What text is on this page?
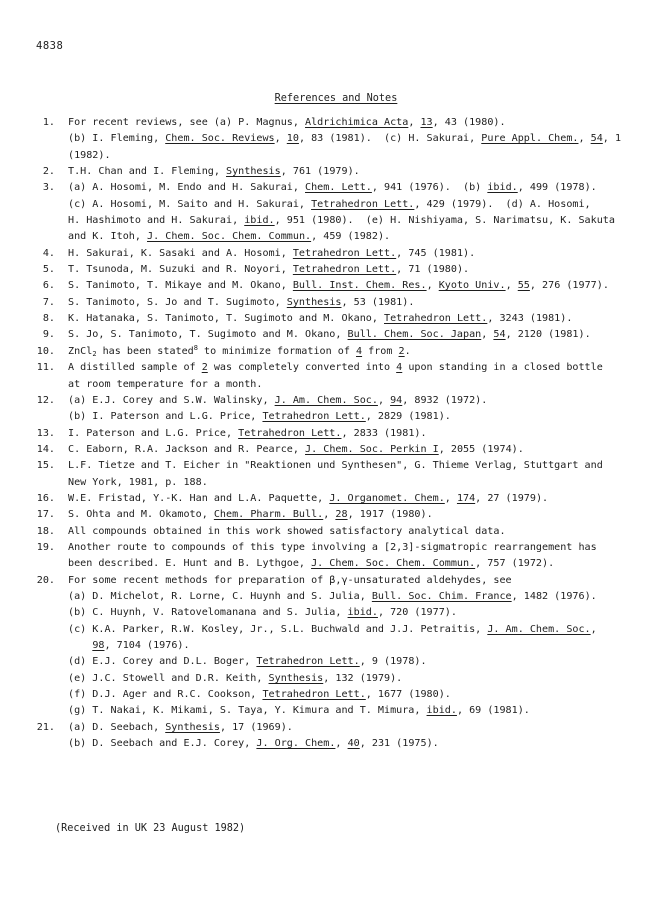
4838
References and Notes
1.	For recent reviews, see (a) P. Magnus, Aldrichimica Acta, 13, 43 (1980).
(b) I. Fleming, Chem. Soc. Reviews, 10, 83 (1981).  (c) H. Sakurai, Pure Appl. Chem., 54, 1
(1982).
2.	T.H. Chan and I. Fleming, Synthesis, 761 (1979).
3.	(a) A. Hosomi, M. Endo and H. Sakurai, Chem. Lett., 941 (1976).  (b) ibid., 499 (1978).
(c) A. Hosomi, M. Saito and H. Sakurai, Tetrahedron Lett., 429 (1979).  (d) A. Hosomi,
H. Hashimoto and H. Sakurai, ibid., 951 (1980).  (e) H. Nishiyama, S. Narimatsu, K. Sakuta
and K. Itoh, J. Chem. Soc. Chem. Commun., 459 (1982).
4.	H. Sakurai, K. Sasaki and A. Hosomi, Tetrahedron Lett., 745 (1981).
5.	T. Tsunoda, M. Suzuki and R. Noyori, Tetrahedron Lett., 71 (1980).
6.	S. Tanimoto, T. Mikaye and M. Okano, Bull. Inst. Chem. Res., Kyoto Univ., 55, 276 (1977).
7.	S. Tanimoto, S. Jo and T. Sugimoto, Synthesis, 53 (1981).
8.	K. Hatanaka, S. Tanimoto, T. Sugimoto and M. Okano, Tetrahedron Lett., 3243 (1981).
9.	S. Jo, S. Tanimoto, T. Sugimoto and M. Okano, Bull. Chem. Soc. Japan, 54, 2120 (1981).
10.	ZnCl$_2$ has been stated$^8$ to minimize formation of 4 from 2.
11.	A distilled sample of 2 was completely converted into 4 upon standing in a closed bottle
at room temperature for a month.
12.	(a) E.J. Corey and S.W. Walinsky, J. Am. Chem. Soc., 94, 8932 (1972).
(b) I. Paterson and L.G. Price, Tetrahedron Lett., 2829 (1981).
13.	I. Paterson and L.G. Price, Tetrahedron Lett., 2833 (1981).
14.	C. Eaborn, R.A. Jackson and R. Pearce, J. Chem. Soc. Perkin I, 2055 (1974).
15.	L.F. Tietze and T. Eicher in "Reaktionen und Synthesen", G. Thieme Verlag, Stuttgart and
New York, 1981, p. 188.
16.	W.E. Fristad, Y.-K. Han and L.A. Paquette, J. Organomet. Chem., 174, 27 (1979).
17.	S. Ohta and M. Okamoto, Chem. Pharm. Bull., 28, 1917 (1980).
18.	All compounds obtained in this work showed satisfactory analytical data.
19.	Another route to compounds of this type involving a [2,3]-sigmatropic rearrangement has
been described. E. Hunt and B. Lythgoe, J. Chem. Soc. Chem. Commun., 757 (1972).
20.	For some recent methods for preparation of β,γ-unsaturated aldehydes, see
(a) D. Michelot, R. Lorne, C. Huynh and S. Julia, Bull. Soc. Chim. France, 1482 (1976).
(b) C. Huynh, V. Ratovelomanana and S. Julia, ibid., 720 (1977).
(c) K.A. Parker, R.W. Kosley, Jr., S.L. Buchwald and J.J. Petraitis, J. Am. Chem. Soc.,
98, 7104 (1976).
(d) E.J. Corey and D.L. Boger, Tetrahedron Lett., 9 (1978).
(e) J.C. Stowell and D.R. Keith, Synthesis, 132 (1979).
(f) D.J. Ager and R.C. Cookson, Tetrahedron Lett., 1677 (1980).
(g) T. Nakai, K. Mikami, S. Taya, Y. Kimura and T. Mimura, ibid., 69 (1981).
21.	(a) D. Seebach, Synthesis, 17 (1969).
(b) D. Seebach and E.J. Corey, J. Org. Chem., 40, 231 (1975).
(Received in UK 23 August 1982)
